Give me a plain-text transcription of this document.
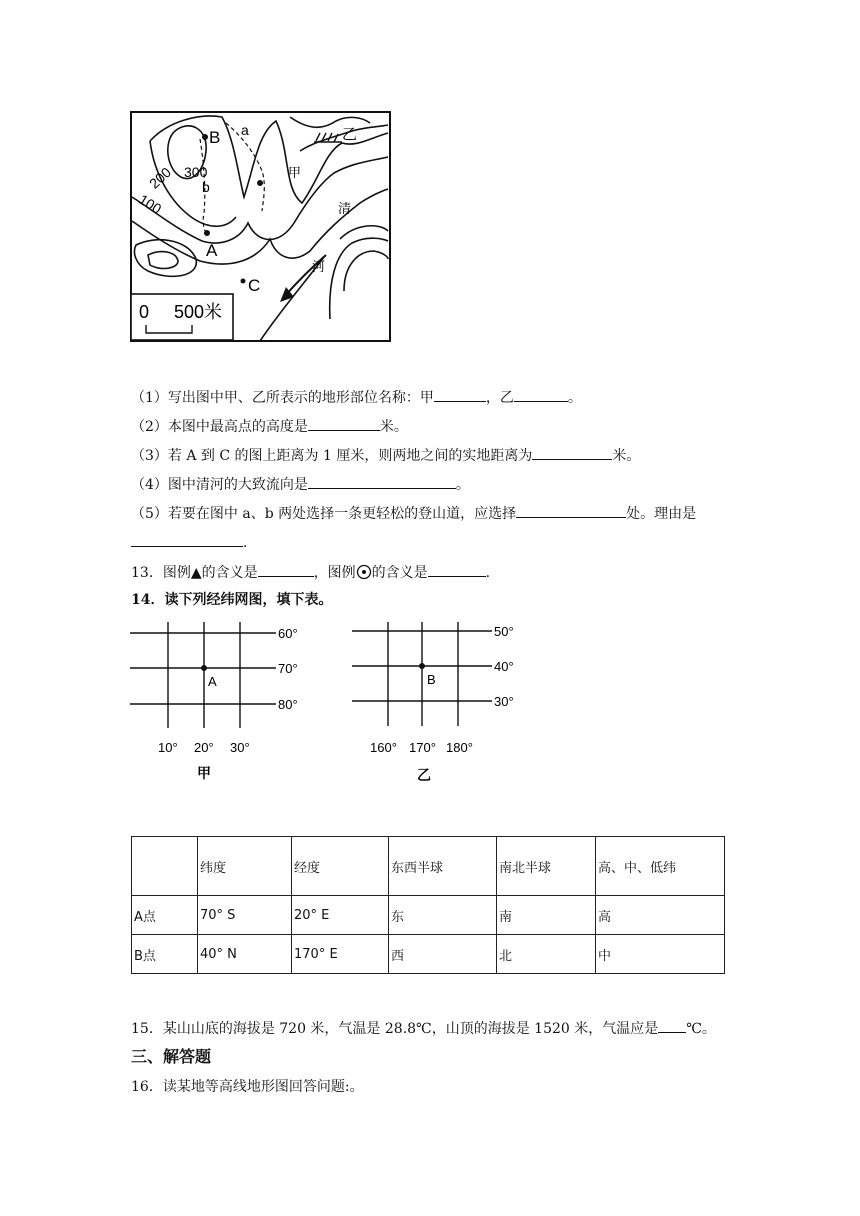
B a	乙
300
200 b
100
甲
清
A
河
C
0 500米
（1）写出图中甲、乙所表示的地形部位名称：甲	，乙	。
（2）本图中最高点的高度是	米。
（3）若 A 到 C 的图上距离为 1 厘米，则两地之间的实地距离为	米。
（4）图中清河的大致流向是	。
（5）若要在图中 a、b 两处选择一条更轻松的登山道，应选择	处。理由是
.
13．图例▲的含义是	，图例 的含义是	.
14．读下列经纬网图，填下表。
A
60°
70°
80°
10° 20° 30°
甲
B
50°
40°
30°
160° 170° 180°
乙
	纬度	经度	东西半球	南北半球	高、中、低纬
A点	70° S	20° E	东	南	高
B点	40° N	170° E	西	北	中
15．某山山底的海拔是 720 米，气温是 28.8℃，山顶的海拔是 1520 米，气温应是 ℃。
三、解答题
16．读某地等高线地形图回答问题:。
